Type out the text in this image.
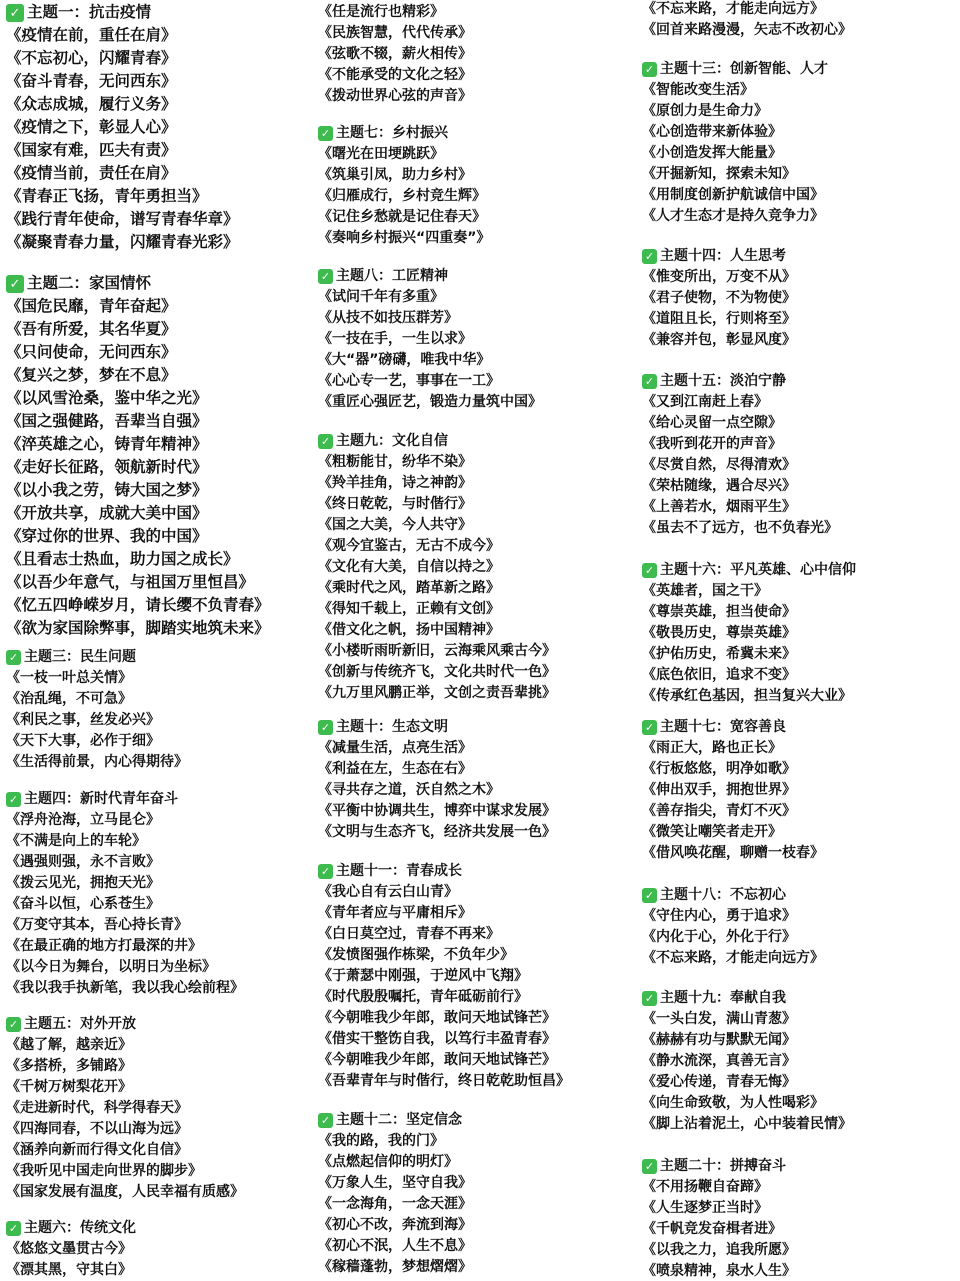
✓ 主题一：抗击疫情
《疫情在前，重任在肩》
《不忘初心，闪耀青春》
《奋斗青春，无问西东》
《众志成城，履行义务》
《疫情之下，彰显人心》
《国家有难，匹夫有责》
《疫情当前，责任在肩》
《青春正飞扬，青年勇担当》
《践行青年使命，谱写青春华章》
《凝聚青春力量，闪耀青春光彩》
✓ 主题二：家国情怀
《国危民靡，青年奋起》
《吾有所爱，其名华夏》
《只问使命，无问西东》
《复兴之梦，梦在不息》
《以风雪沧桑，鉴中华之光》
《国之强健路，吾辈当自强》
《淬英雄之心，铸青年精神》
《走好长征路，领航新时代》
《以小我之劳，铸大国之梦》
《开放共享，成就大美中国》
《穿过你的世界、我的中国》
《且看志士热血，助力国之成长》
《以吾少年意气，与祖国万里恒昌》
《忆五四峥嵘岁月，请长缨不负青春》
《欲为家国除弊事，脚踏实地筑未来》
✓ 主题三：民生问题
《一枝一叶总关情》
《治乱绳，不可急》
《利民之事，丝发必兴》
《天下大事，必作于细》
《生活得前景，内心得期待》
✓ 主题四：新时代青年奋斗
《浮舟沧海，立马昆仑》
《不满是向上的车轮》
《遇强则强，永不言败》
《拨云见光，拥抱天光》
《奋斗以恒，心系苍生》
《万变守其本，吾心持长青》
《在最正确的地方打最深的井》
《以今日为舞台，以明日为坐标》
《我以我手执新笔，我以我心绘前程》
✓ 主题五：对外开放
《越了解，越亲近》
《多搭桥，多铺路》
《千树万树梨花开》
《走进新时代，科学得春天》
《四海同春，不以山海为远》
《涵养向新而行得文化自信》
《我听见中国走向世界的脚步》
《国家发展有温度，人民幸福有质感》
✓ 主题六：传统文化
《悠悠文墨贯古今》
《漂其黑，守其白》
《任是流行也精彩》
《民族智慧，代代传承》
《弦歌不辍，薪火相传》
《不能承受的文化之轻》
《拨动世界心弦的声音》
✓ 主题七：乡村振兴
《曙光在田埂跳跃》
《筑巢引凤，助力乡村》
《归雁成行，乡村竞生辉》
《记住乡愁就是记住春天》
《奏响乡村振兴“四重奏”》
✓ 主题八：工匠精神
《试问千年有多重》
《从技不如技压群芳》
《一技在手，一生以求》
《大“器”磅礴，唯我中华》
《心心专一艺，事事在一工》
《重匠心强匠艺，锻造力量筑中国》
✓ 主题九：文化自信
《粗粝能甘，纷华不染》
《羚羊挂角，诗之神韵》
《终日乾乾，与时偕行》
《国之大美，今人共守》
《观今宜鉴古，无古不成今》
《文化有大美，自信以持之》
《乘时代之风，踏革新之路》
《得知千载上，正赖有文创》
《借文化之帆，扬中国精神》
《小楼昕雨昕新旧，云海乘风乘古今》
《创新与传统齐飞，文化共时代一色》
《九万里风鹏正举，文创之责吾辈挑》
✓ 主题十：生态文明
《减量生活，点亮生活》
《利益在左，生态在右》
《寻共存之道，沃自然之木》
《平衡中协调共生，博弈中谋求发展》
《文明与生态齐飞，经济共发展一色》
✓ 主题十一：青春成长
《我心自有云白山青》
《青年者应与平庸相斥》
《白日莫空过，青春不再来》
《发愤图强作栋梁，不负年少》
《于萧瑟中刚强，于逆风中飞翔》
《时代殷殷嘱托，青年砥砺前行》
《今朝唯我少年郎，敢问天地试锋芒》
《借实干整饬自我，以笃行丰盈青春》
《今朝唯我少年郎，敢问天地试锋芒》
《吾辈青年与时偕行，终日乾乾助恒昌》
✓ 主题十二：坚定信念
《我的路，我的门》
《点燃起信仰的明灯》
《万象人生，坚守自我》
《一念海角，一念天涯》
《初心不改，奔流到海》
《初心不泯，人生不息》
《稼穑蓬勃，梦想熠熠》
《不忘来路，才能走向远方》
《回首来路漫漫，矢志不改初心》
✓ 主题十三：创新智能、人才
《智能改变生活》
《原创力是生命力》
《心创造带来新体验》
《小创造发挥大能量》
《开掘新知，探索未知》
《用制度创新护航诚信中国》
《人才生态才是持久竞争力》
✓ 主题十四：人生思考
《惟变所出，万变不从》
《君子使物，不为物使》
《道阻且长，行则将至》
《兼容并包，彰显风度》
✓ 主题十五：淡泊宁静
《又到江南赶上春》
《给心灵留一点空隙》
《我听到花开的声音》
《尽赏自然，尽得清欢》
《荣枯随缘，遇合尽兴》
《上善若水，烟雨平生》
《虽去不了远方，也不负春光》
✓ 主题十六：平凡英雄、心中信仰
《英雄者，国之干》
《尊崇英雄，担当使命》
《敬畏历史，尊崇英雄》
《护佑历史，希冀未来》
《底色依旧，追求不变》
《传承红色基因，担当复兴大业》
✓ 主题十七：宽容善良
《雨正大，路也正长》
《行板悠悠，明净如歌》
《伸出双手，拥抱世界》
《善存指尖，青灯不灭》
《微笑让嘲笑者走开》
《借风唤花醒，聊赠一枝春》
✓ 主题十八：不忘初心
《守住内心，勇于追求》
《内化于心，外化于行》
《不忘来路，才能走向远方》
✓ 主题十九：奉献自我
《一头白发，满山青葱》
《赫赫有功与默默无闻》
《静水流深，真善无言》
《爱心传递，青春无悔》
《向生命致敬，为人性喝彩》
《脚上沾着泥土，心中装着民情》
✓ 主题二十：拼搏奋斗
《不用扬鞭自奋蹄》
《人生逐梦正当时》
《千帆竞发奋楫者进》
《以我之力，追我所愿》
《喷泉精神，泉水人生》
